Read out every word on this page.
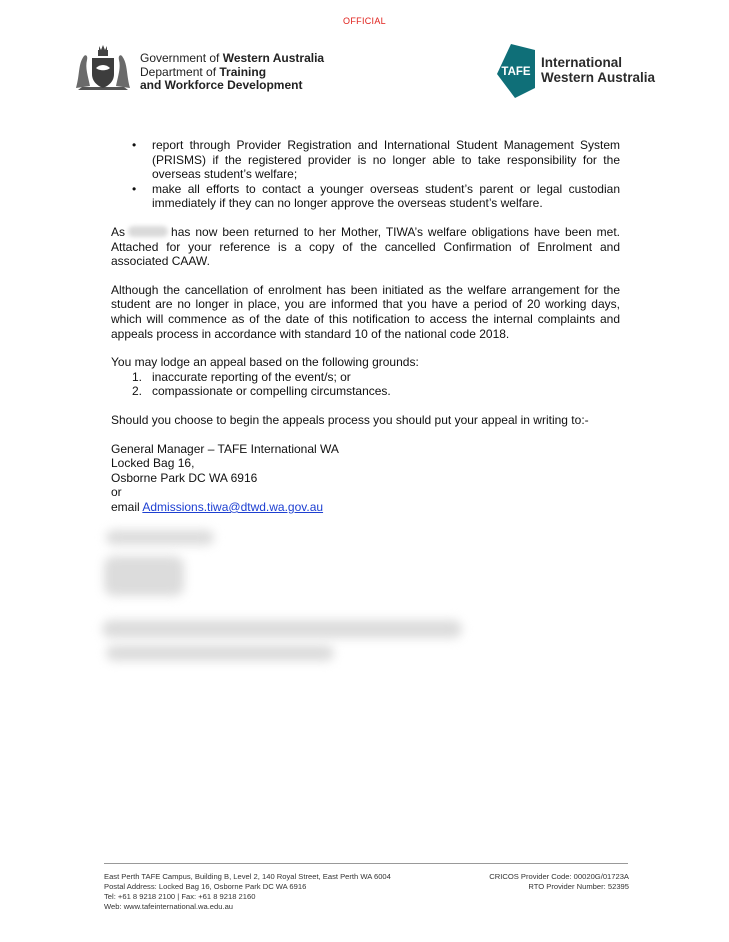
OFFICIAL
Government of Western Australia
Department of Training
and Workforce Development
TAFE
International
Western Australia
• report through Provider Registration and International Student Management System (PRISMS) if the registered provider is no longer able to take responsibility for the overseas student’s welfare;
• make all efforts to contact a younger overseas student’s parent or legal custodian immediately if they can no longer approve the overseas student’s welfare.

As	has now been returned to her Mother, TIWA’s welfare obligations have been met. Attached for your reference is a copy of the cancelled Confirmation of Enrolment and associated CAAW.

Although the cancellation of enrolment has been initiated as the welfare arrangement for the student are no longer in place, you are informed that you have a period of 20 working days, which will commence as of the date of this notification to access the internal complaints and appeals process in accordance with standard 10 of the national code 2018.

You may lodge an appeal based on the following grounds:

1. inaccurate reporting of the event/s; or
2. compassionate or compelling circumstances.

Should you choose to begin the appeals process you should put your appeal in writing to:-

General Manager – TAFE International WA
Locked Bag 16,
Osborne Park DC WA 6916
or
email Admissions.tiwa@dtwd.wa.gov.au
East Perth TAFE Campus, Building B, Level 2, 140 Royal Street, East Perth WA 6004
Postal Address: Locked Bag 16, Osborne Park DC WA 6916
Tel: +61 8 9218 2100 | Fax: +61 8 9218 2160
Web: www.tafeinternational.wa.edu.au
CRICOS Provider Code: 00020G/01723A
RTO Provider Number: 52395
